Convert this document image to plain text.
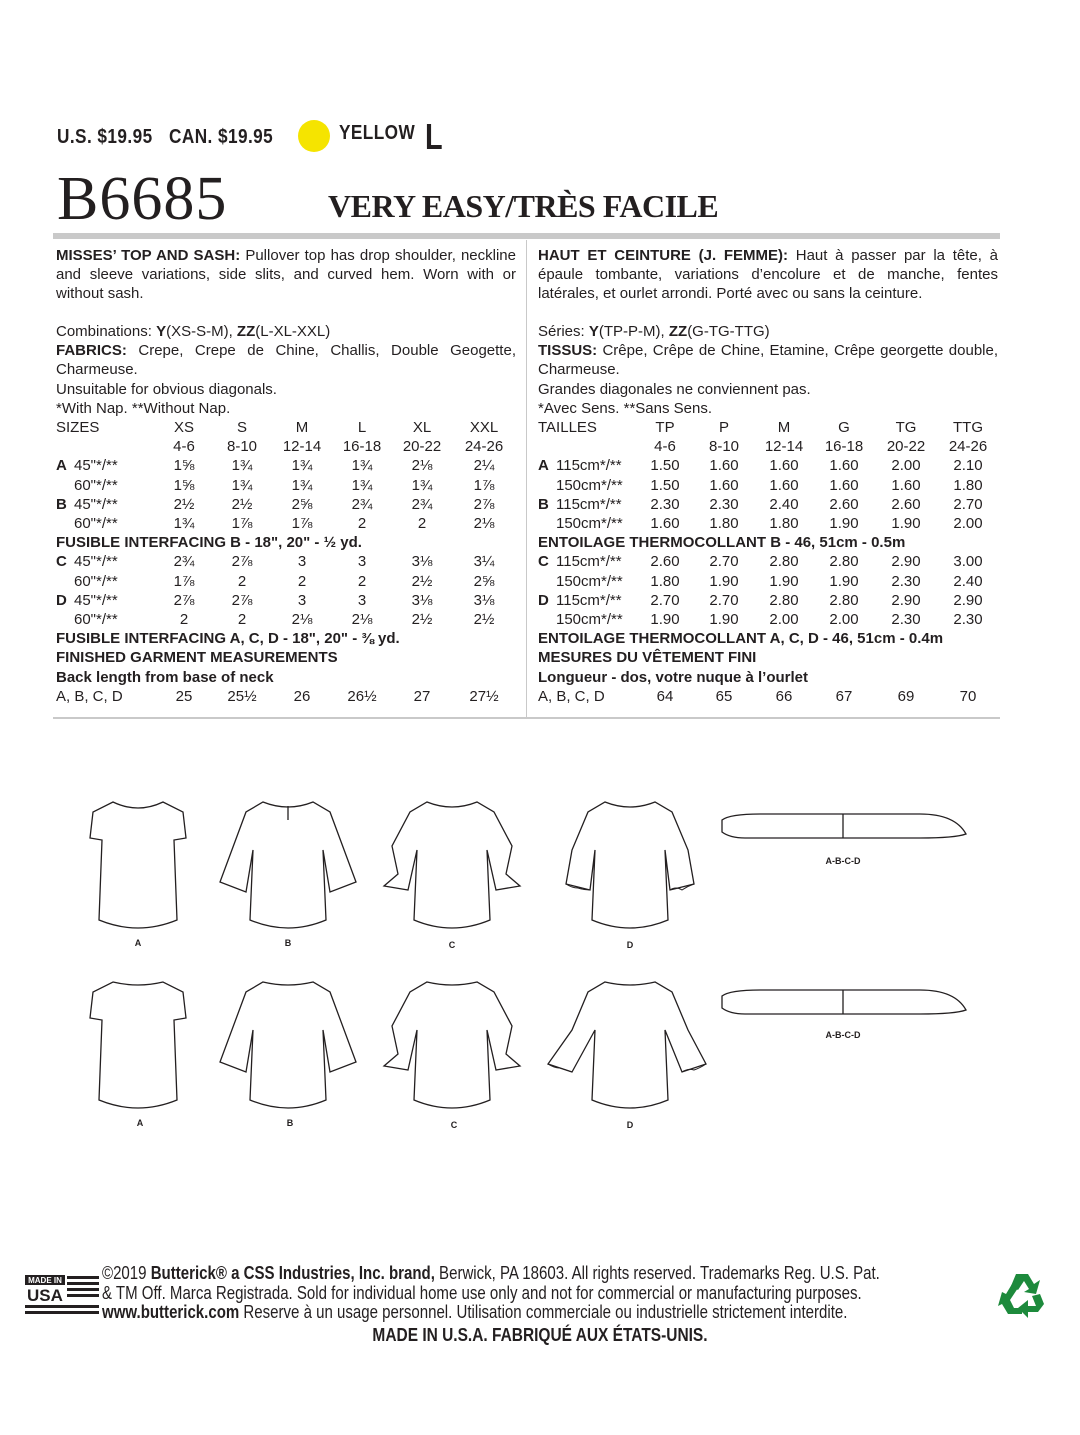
U.S. $19.95 CAN. $19.95	YELLOW L
B6685	VERY EASY/TRÈS FACILE

MISSES’ TOP AND SASH: Pullover top has drop shoulder, neckline and sleeve variations, side slits, and curved hem. Worn with or without sash.

Combinations: Y(XS-S-M), ZZ(L-XL-XXL)

FABRICS: Crepe, Crepe de Chine, Challis, Double Geogette, Charmeuse.

Unsuitable for obvious diagonals.

*With Nap. **Without Nap.

SIZES	XS	S	M	L	XL	XXL
	4-6	8-10	12-14	16-18	20-22	24-26
A 45"*/**	1⅝	1¾	1¾	1¾	2⅛	2¼
60"*/**	1⅝	1¾	1¾	1¾	1¾	1⅞
B 45"*/**	2½	2½	2⅝	2¾	2¾	2⅞
60"*/**	1¾	1⅞	1⅞	2	2	2⅛
FUSIBLE INTERFACING B - 18", 20" - ½ yd.						
C 45"*/**	2¾	2⅞	3	3	3⅛	3¼
60"*/**	1⅞	2	2	2	2½	2⅝
D 45"*/**	2⅞	2⅞	3	3	3⅛	3⅛
60"*/**	2	2	2⅛	2⅛	2½	2½
FUSIBLE INTERFACING A, C, D - 18", 20" - ⅜ yd.						
FINISHED GARMENT MEASUREMENTS						
Back length from base of neck						
A, B, C, D	25	25½	26	26½	27	27½

HAUT ET CEINTURE (J. FEMME): Haut à passer par la tête, à épaule tombante, variations d’encolure et de manche, fentes latérales, et ourlet arrondi. Porté avec ou sans la ceinture.

Séries: Y(TP-P-M), ZZ(G-TG-TTG)

TISSUS: Crêpe, Crêpe de Chine, Etamine, Crêpe georgette double, Charmeuse.

Grandes diagonales ne conviennent pas.

*Avec Sens. **Sans Sens.

TAILLES	TP	P	M	G	TG	TTG
	4-6	8-10	12-14	16-18	20-22	24-26
A 115cm*/**	1.50	1.60	1.60	1.60	2.00	2.10
150cm*/**	1.50	1.60	1.60	1.60	1.60	1.80
B 115cm*/**	2.30	2.30	2.40	2.60	2.60	2.70
150cm*/**	1.60	1.80	1.80	1.90	1.90	2.00
ENTOILAGE THERMOCOLLANT B - 46, 51cm - 0.5m						
C 115cm*/**	2.60	2.70	2.80	2.80	2.90	3.00
150cm*/**	1.80	1.90	1.90	1.90	2.30	2.40
D 115cm*/**	2.70	2.70	2.80	2.80	2.90	2.90
150cm*/**	1.90	1.90	2.00	2.00	2.30	2.30
ENTOILAGE THERMOCOLLANT A, C, D - 46, 51cm - 0.4m						
MESURES DU VÊTEMENT FINI						
Longueur - dos, votre nuque à l’ourlet						
A, B, C, D	64	65	66	67	69	70
A	B	C	D
A-B-C-D
A	B	C	D
A-B-C-D
MADE IN
USA
©2019 Butterick® a CSS Industries, Inc. brand, Berwick, PA 18603. All rights reserved. Trademarks Reg. U.S. Pat.
& TM Off. Marca Registrada. Sold for individual home use only and not for commercial or manufacturing purposes.
www.butterick.com Reserve à un usage personnel. Utilisation commerciale ou industrielle strictement interdite.
MADE IN U.S.A. FABRIQUÉ AUX ÉTATS-UNIS.
